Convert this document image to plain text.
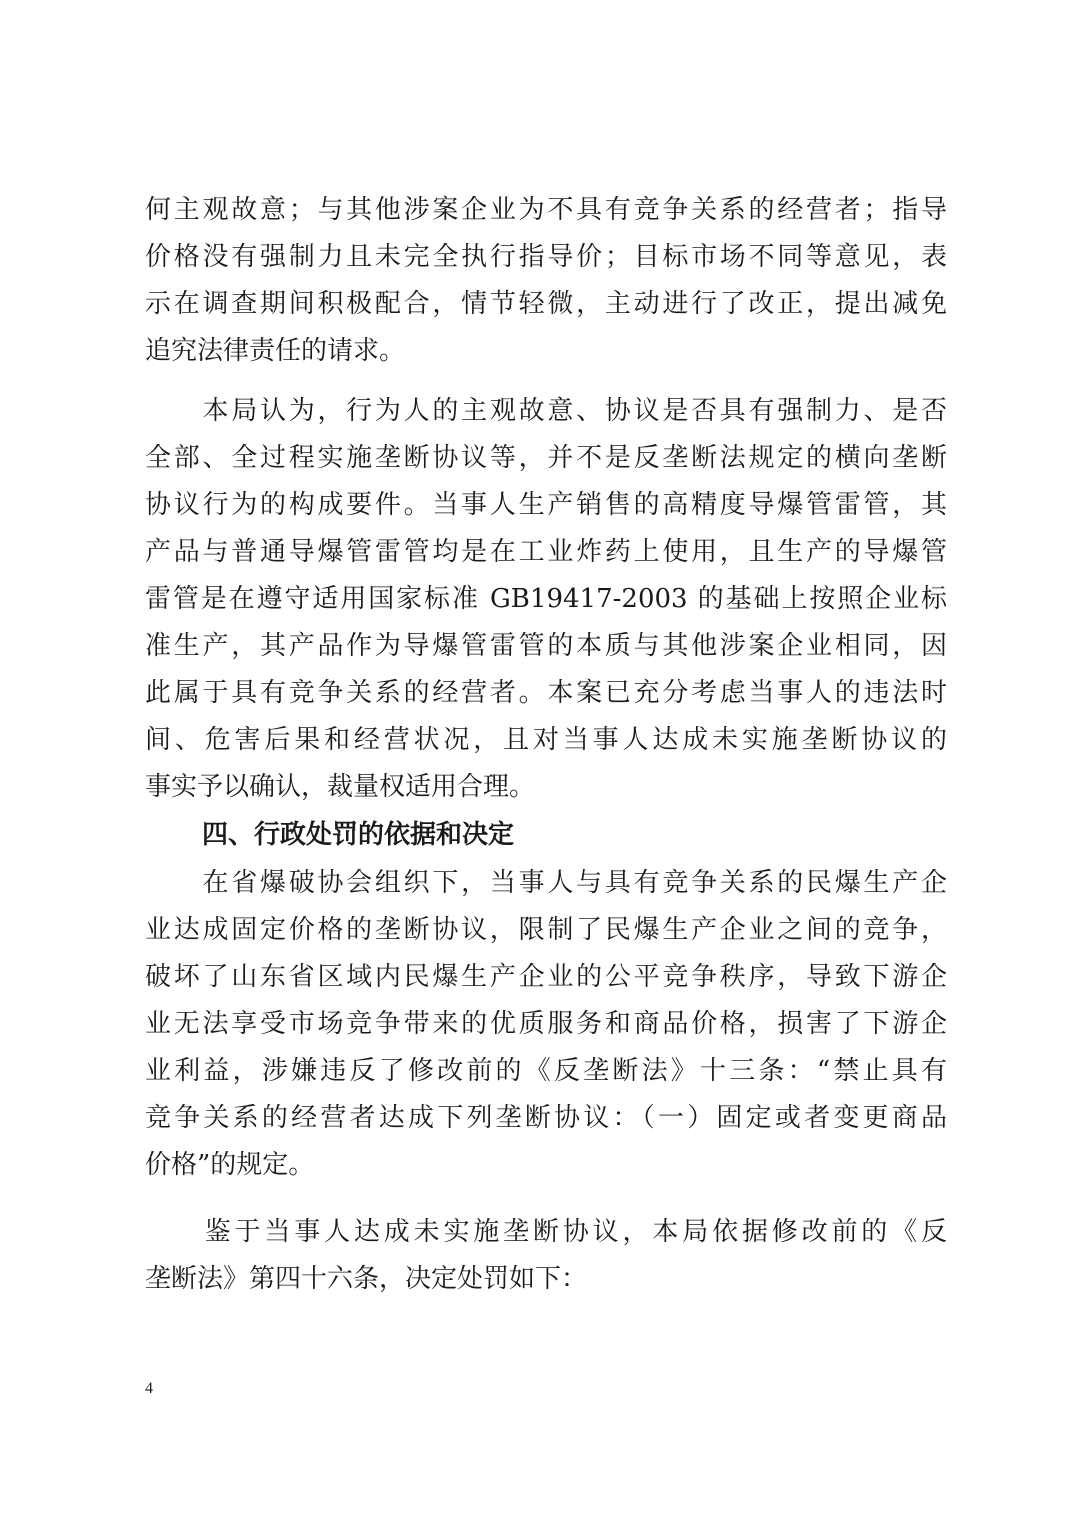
何主观故意；与其他涉案企业为不具有竞争关系的经营者；指导
价格没有强制力且未完全执行指导价；目标市场不同等意见，表
示在调查期间积极配合，情节轻微，主动进行了改正，提出减免
追究法律责任的请求。
　　本局认为，行为人的主观故意、协议是否具有强制力、是否
全部、全过程实施垄断协议等，并不是反垄断法规定的横向垄断
协议行为的构成要件。当事人生产销售的高精度导爆管雷管，其
产品与普通导爆管雷管均是在工业炸药上使用，且生产的导爆管
雷管是在遵守适用国家标准 GB19417-2003 的基础上按照企业标
准生产，其产品作为导爆管雷管的本质与其他涉案企业相同，因
此属于具有竞争关系的经营者。本案已充分考虑当事人的违法时
间、危害后果和经营状况，且对当事人达成未实施垄断协议的
事实予以确认，裁量权适用合理。
四、行政处罚的依据和决定
　　在省爆破协会组织下，当事人与具有竞争关系的民爆生产企
业达成固定价格的垄断协议，限制了民爆生产企业之间的竞争，
破坏了山东省区域内民爆生产企业的公平竞争秩序，导致下游企
业无法享受市场竞争带来的优质服务和商品价格，损害了下游企
业利益，涉嫌违反了修改前的《反垄断法》十三条：“禁止具有
竞争关系的经营者达成下列垄断协议：（一）固定或者变更商品
价格”的规定。
　　鉴于当事人达成未实施垄断协议，本局依据修改前的《反
垄断法》第四十六条，决定处罚如下：
4
